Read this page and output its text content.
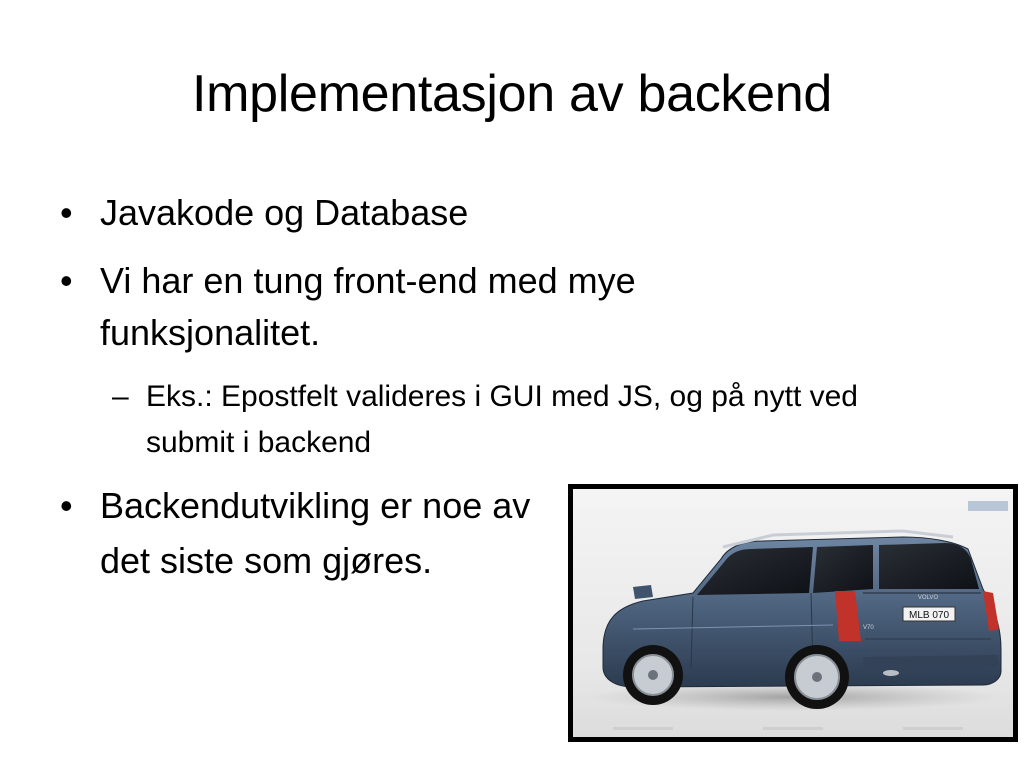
Implementasjon av backend
• Javakode og Database
• Vi har en tung front-end med mye funksjonalitet.
– Eks.: Epostfelt valideres i GUI med JS, og på nytt ved submit i backend
• Backendutvikling er noe av det siste som gjøres.
MLB 070
VOLVO
V70
